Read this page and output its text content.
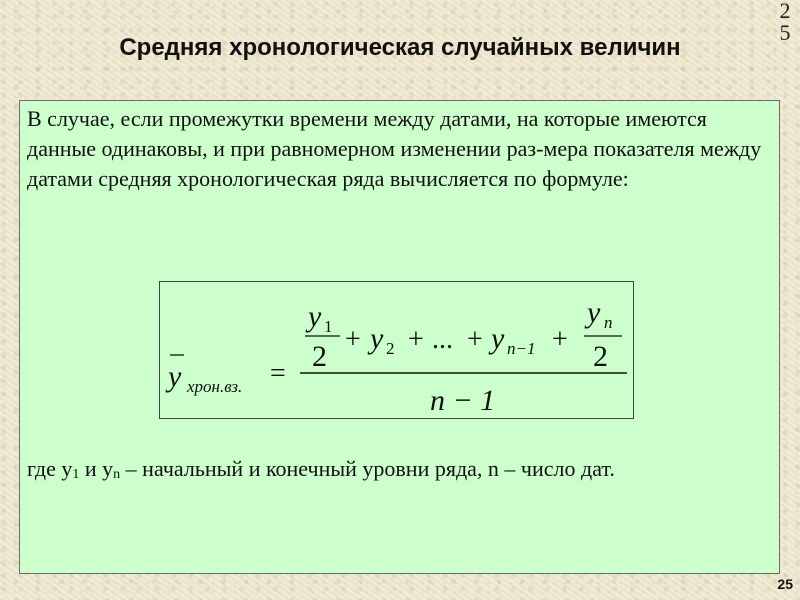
Средняя хронологическая случайных величин
25

В случае, если промежутки времени между датами, на которые имеются данные одинаковы, и при равномерном изменении раз-мера показателя между датами средняя хронологическая ряда вычисляется по формуле:

y хрон.вз. =
y 1
2
+ y 2 + ... + y n−1 +
y n
2
n − 1

где $y_1$ и $y_n$ – начальный и конечный уровни ряда, n – число дат.

25
